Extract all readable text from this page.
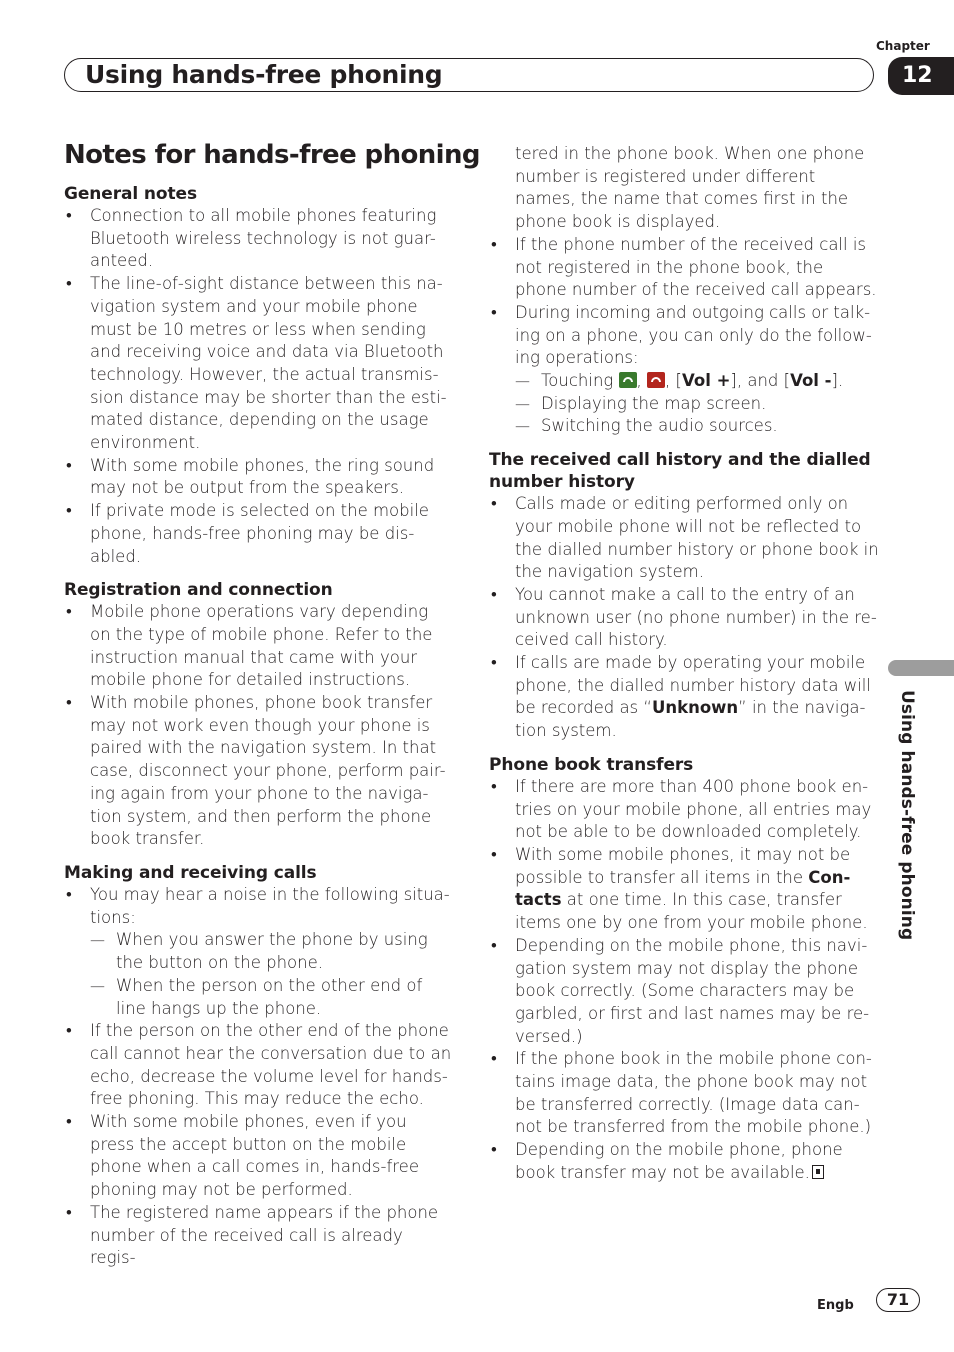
Chapter
Using hands-free phoning	12
Notes for hands-free phoning
General notes
• Connection to all mobile phones featuring Bluetooth wireless technology is not guar- anteed.
• The line-of-sight distance between this na- vigation system and your mobile phone must be 10 metres or less when sending and receiving voice and data via Bluetooth technology. However, the actual transmis- sion distance may be shorter than the esti- mated distance, depending on the usage environment.
• With some mobile phones, the ring sound may not be output from the speakers.
• If private mode is selected on the mobile phone, hands-free phoning may be dis- abled.
Registration and connection
• Mobile phone operations vary depending on the type of mobile phone. Refer to the instruction manual that came with your mobile phone for detailed instructions.
• With mobile phones, phone book transfer may not work even though your phone is paired with the navigation system. In that case, disconnect your phone, perform pair- ing again from your phone to the naviga- tion system, and then perform the phone book transfer.
Making and receiving calls
• You may hear a noise in the following situa- tions:
— When you answer the phone by using the button on the phone.
— When the person on the other end of line hangs up the phone.
• If the person on the other end of the phone call cannot hear the conversation due to an echo, decrease the volume level for hands- free phoning. This may reduce the echo.
• With some mobile phones, even if you press the accept button on the mobile phone when a call comes in, hands-free phoning may not be performed.
• The registered name appears if the phone number of the received call is already regis-
tered in the phone book. When one phone number is registered under different names, the name that comes first in the phone book is displayed.
• If the phone number of the received call is not registered in the phone book, the phone number of the received call appears.
• During incoming and outgoing calls or talk- ing on a phone, you can only do the follow- ing operations:
— Touching , , [Vol +], and [Vol -].
— Displaying the map screen.
— Switching the audio sources.
The received call history and the dialled number history
• Calls made or editing performed only on your mobile phone will not be reflected to the dialled number history or phone book in the navigation system.
• You cannot make a call to the entry of an unknown user (no phone number) in the re- ceived call history.
• If calls are made by operating your mobile phone, the dialled number history data will be recorded as “Unknown” in the naviga- tion system.
Phone book transfers
• If there are more than 400 phone book en- tries on your mobile phone, all entries may not be able to be downloaded completely.
• With some mobile phones, it may not be possible to transfer all items in the Con- tacts at one time. In this case, transfer items one by one from your mobile phone.
• Depending on the mobile phone, this navi- gation system may not display the phone book correctly. (Some characters may be garbled, or first and last names may be re- versed.)
• If the phone book in the mobile phone con- tains image data, the phone book may not be transferred correctly. (Image data can- not be transferred from the mobile phone.)
• Depending on the mobile phone, phone book transfer may not be available.
Using hands-free phoning
Engb	71
